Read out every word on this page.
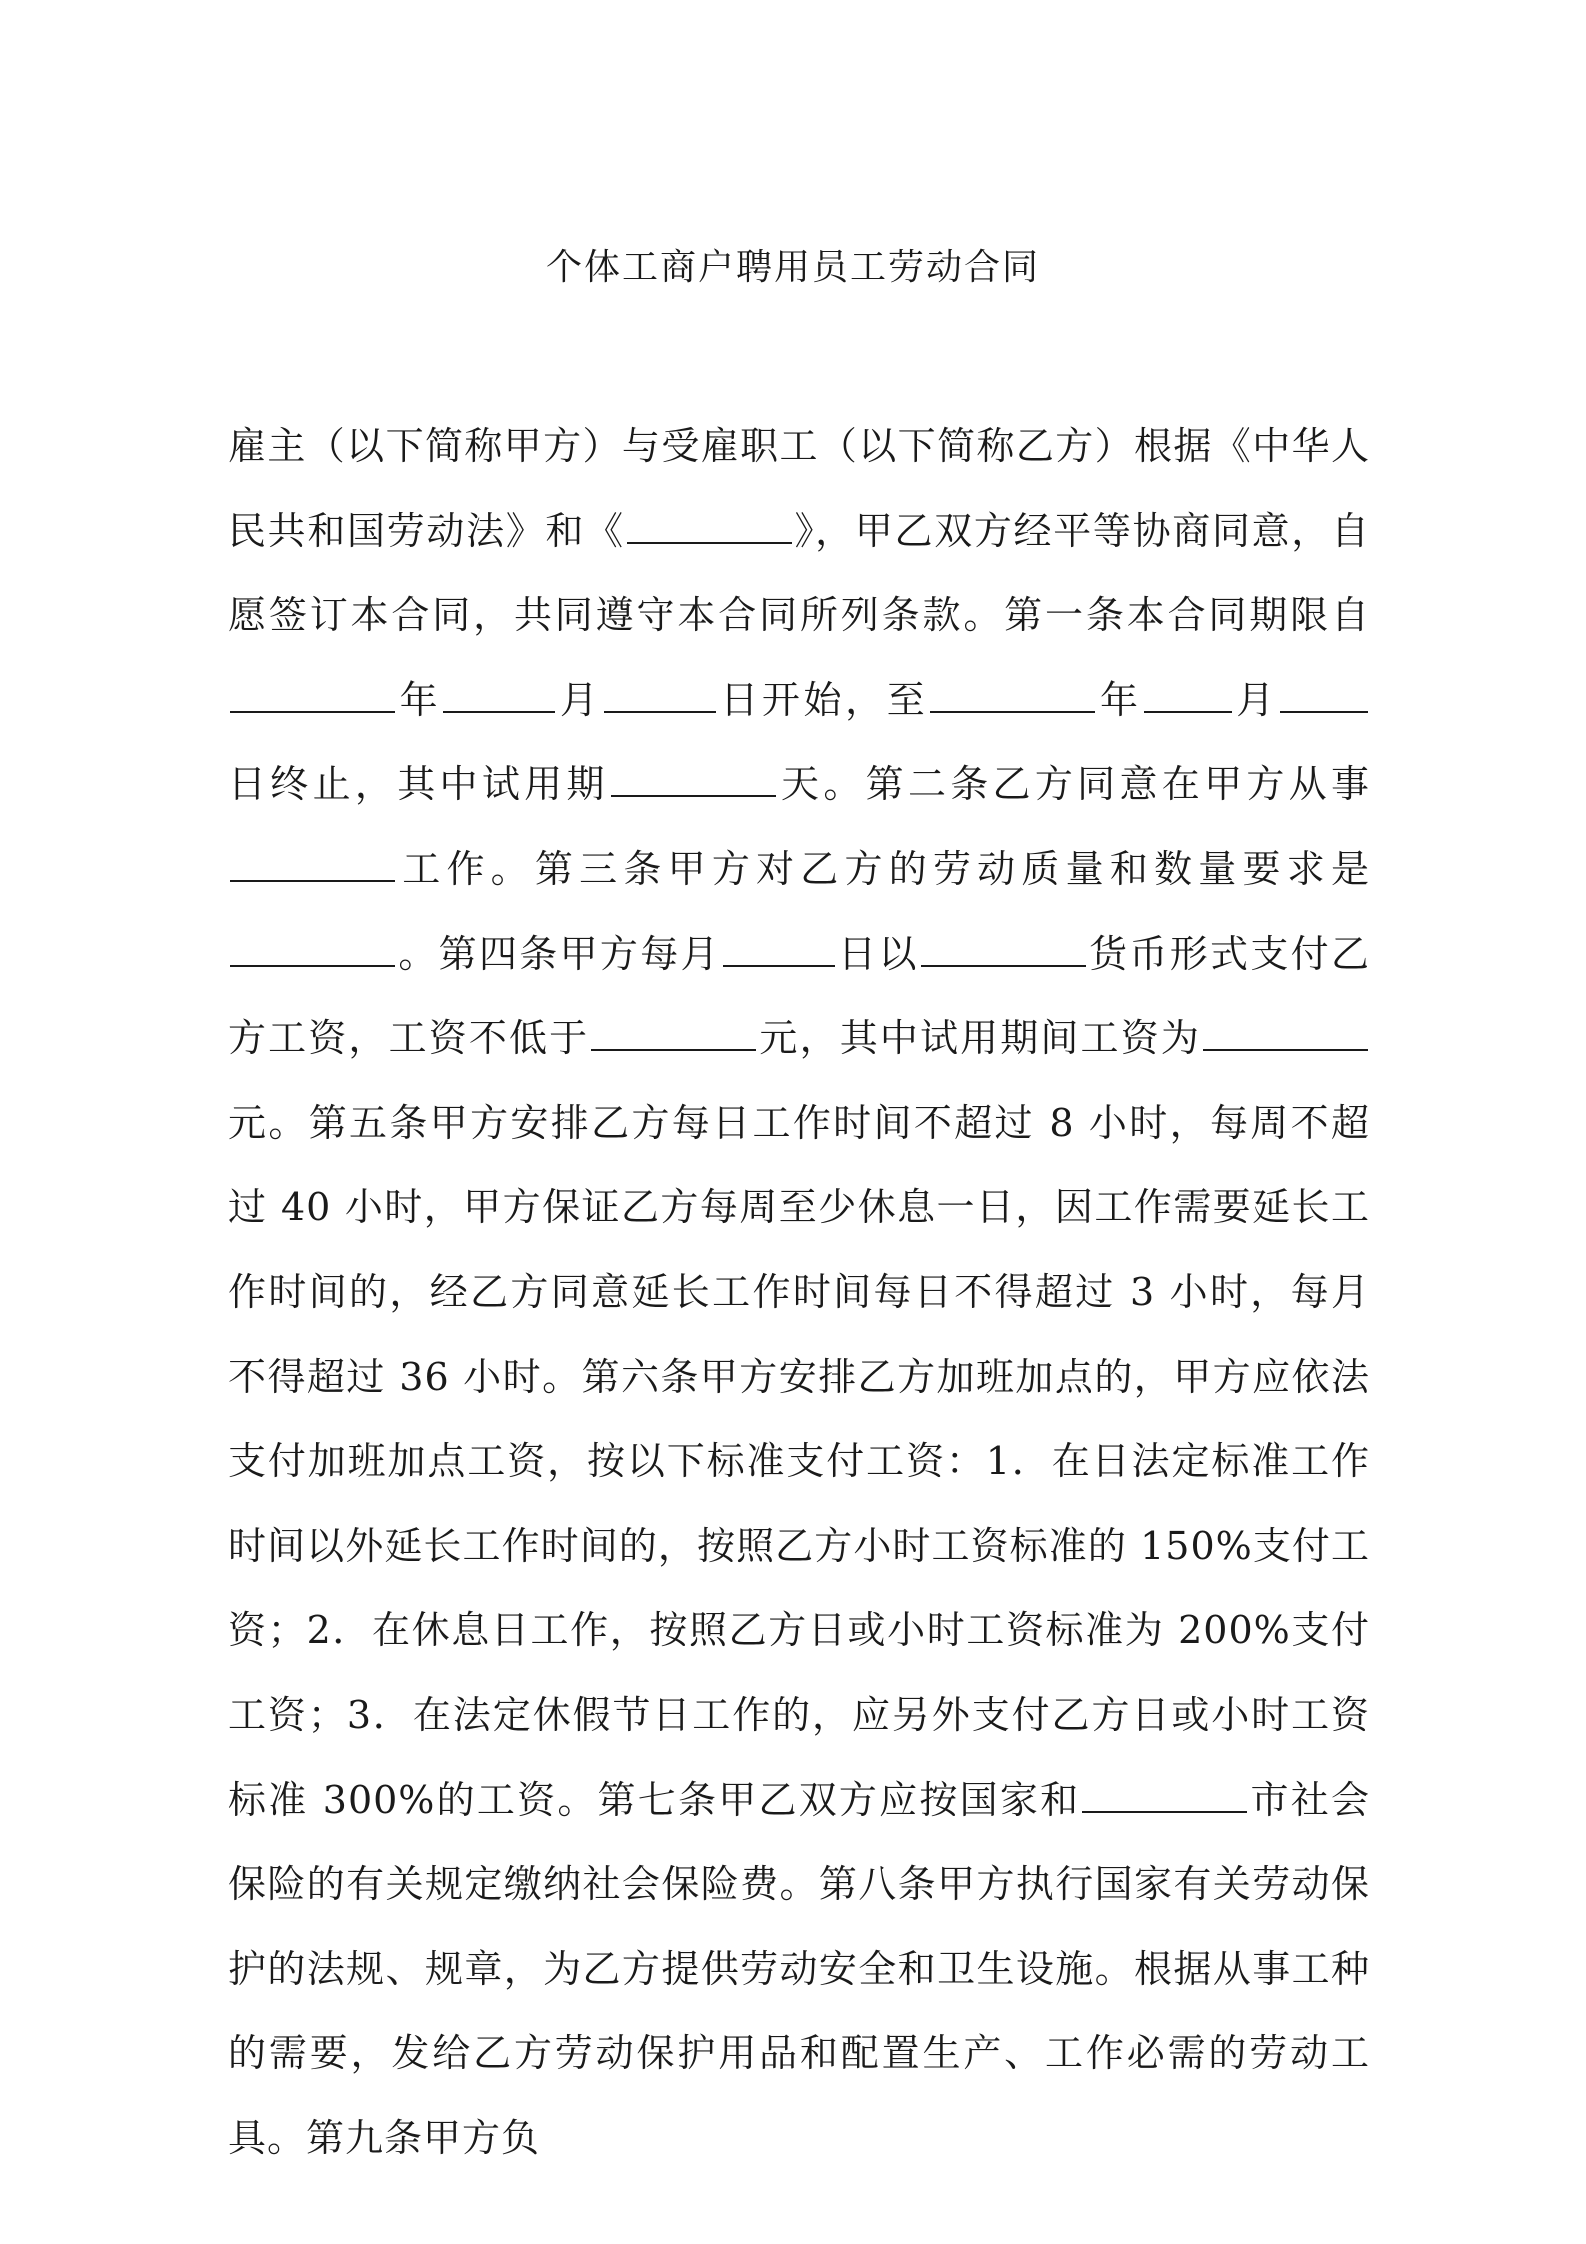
个体工商户聘用员工劳动合同

雇主（以下简称甲方）与受雇职工（以下简称乙方）根据《中华人民共和国劳动法》和《	》，甲乙双方经平等协商同意，自愿签订本合同，共同遵守本合同所列条款。第一条本合同期限自年	月	日开始，至	年 月日终止，其中试用期	天。第二条乙方同意在甲方从事工作。第三条甲方对乙方的劳动质量和数量要求是。第四条甲方每月	日以	货币形式支付乙方工资，工资不低于	元，其中试用期间工资为元。第五条甲方安排乙方每日工作时间不超过 8 小时，每周不超过 40 小时，甲方保证乙方每周至少休息一日，因工作需要延长工作时间的，经乙方同意延长工作时间每日不得超过 3 小时，每月不得超过 36 小时。第六条甲方安排乙方加班加点的，甲方应依法支付加班加点工资，按以下标准支付工资：1．在日法定标准工作时间以外延长工作时间的，按照乙方小时工资标准的 150%支付工资；2．在休息日工作，按照乙方日或小时工资标准为 200%支付工资；3．在法定休假节日工作的，应另外支付乙方日或小时工资标准 300%的工资。第七条甲乙双方应按国家和	市社会保险的有关规定缴纳社会保险费。第八条甲方执行国家有关劳动保护的法规、规章，为乙方提供劳动安全和卫生设施。根据从事工种的需要，发给乙方劳动保护用品和配置生产、工作必需的劳动工具。第九条甲方负
